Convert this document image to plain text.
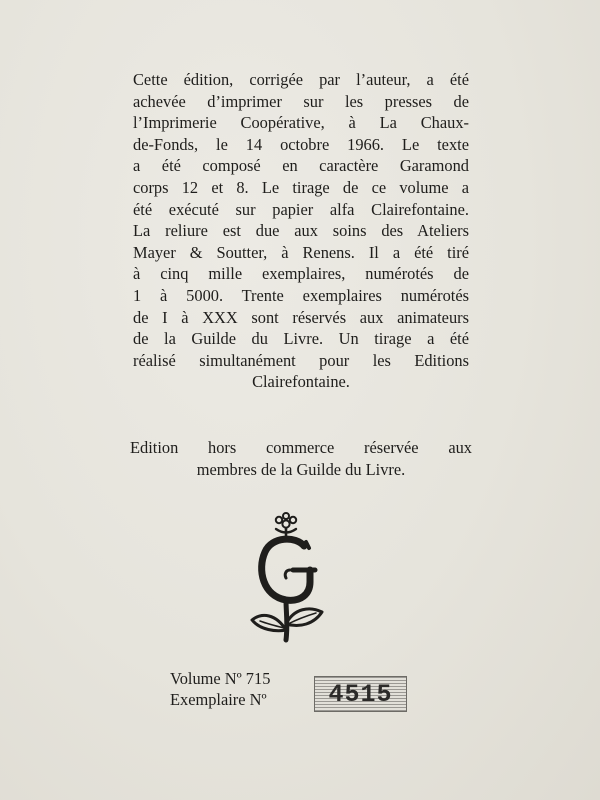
Cette édition, corrigée par l’auteur, a été
achevée d’imprimer sur les presses de
l’Imprimerie Coopérative, à La Chaux-
de-Fonds, le 14 octobre 1966. Le texte
a été composé en caractère Garamond
corps 12 et 8. Le tirage de ce volume a
été exécuté sur papier alfa Clairefontaine.
La reliure est due aux soins des Ateliers
Mayer & Soutter, à Renens. Il a été tiré
à cinq mille exemplaires, numérotés de
1 à 5000. Trente exemplaires numérotés
de I à XXX sont réservés aux animateurs
de la Guilde du Livre. Un tirage a été
réalisé simultanément pour les Editions
Clairefontaine.
Edition hors commerce réservée aux
membres de la Guilde du Livre.
Volume Nº 715
Exemplaire Nº	4515
